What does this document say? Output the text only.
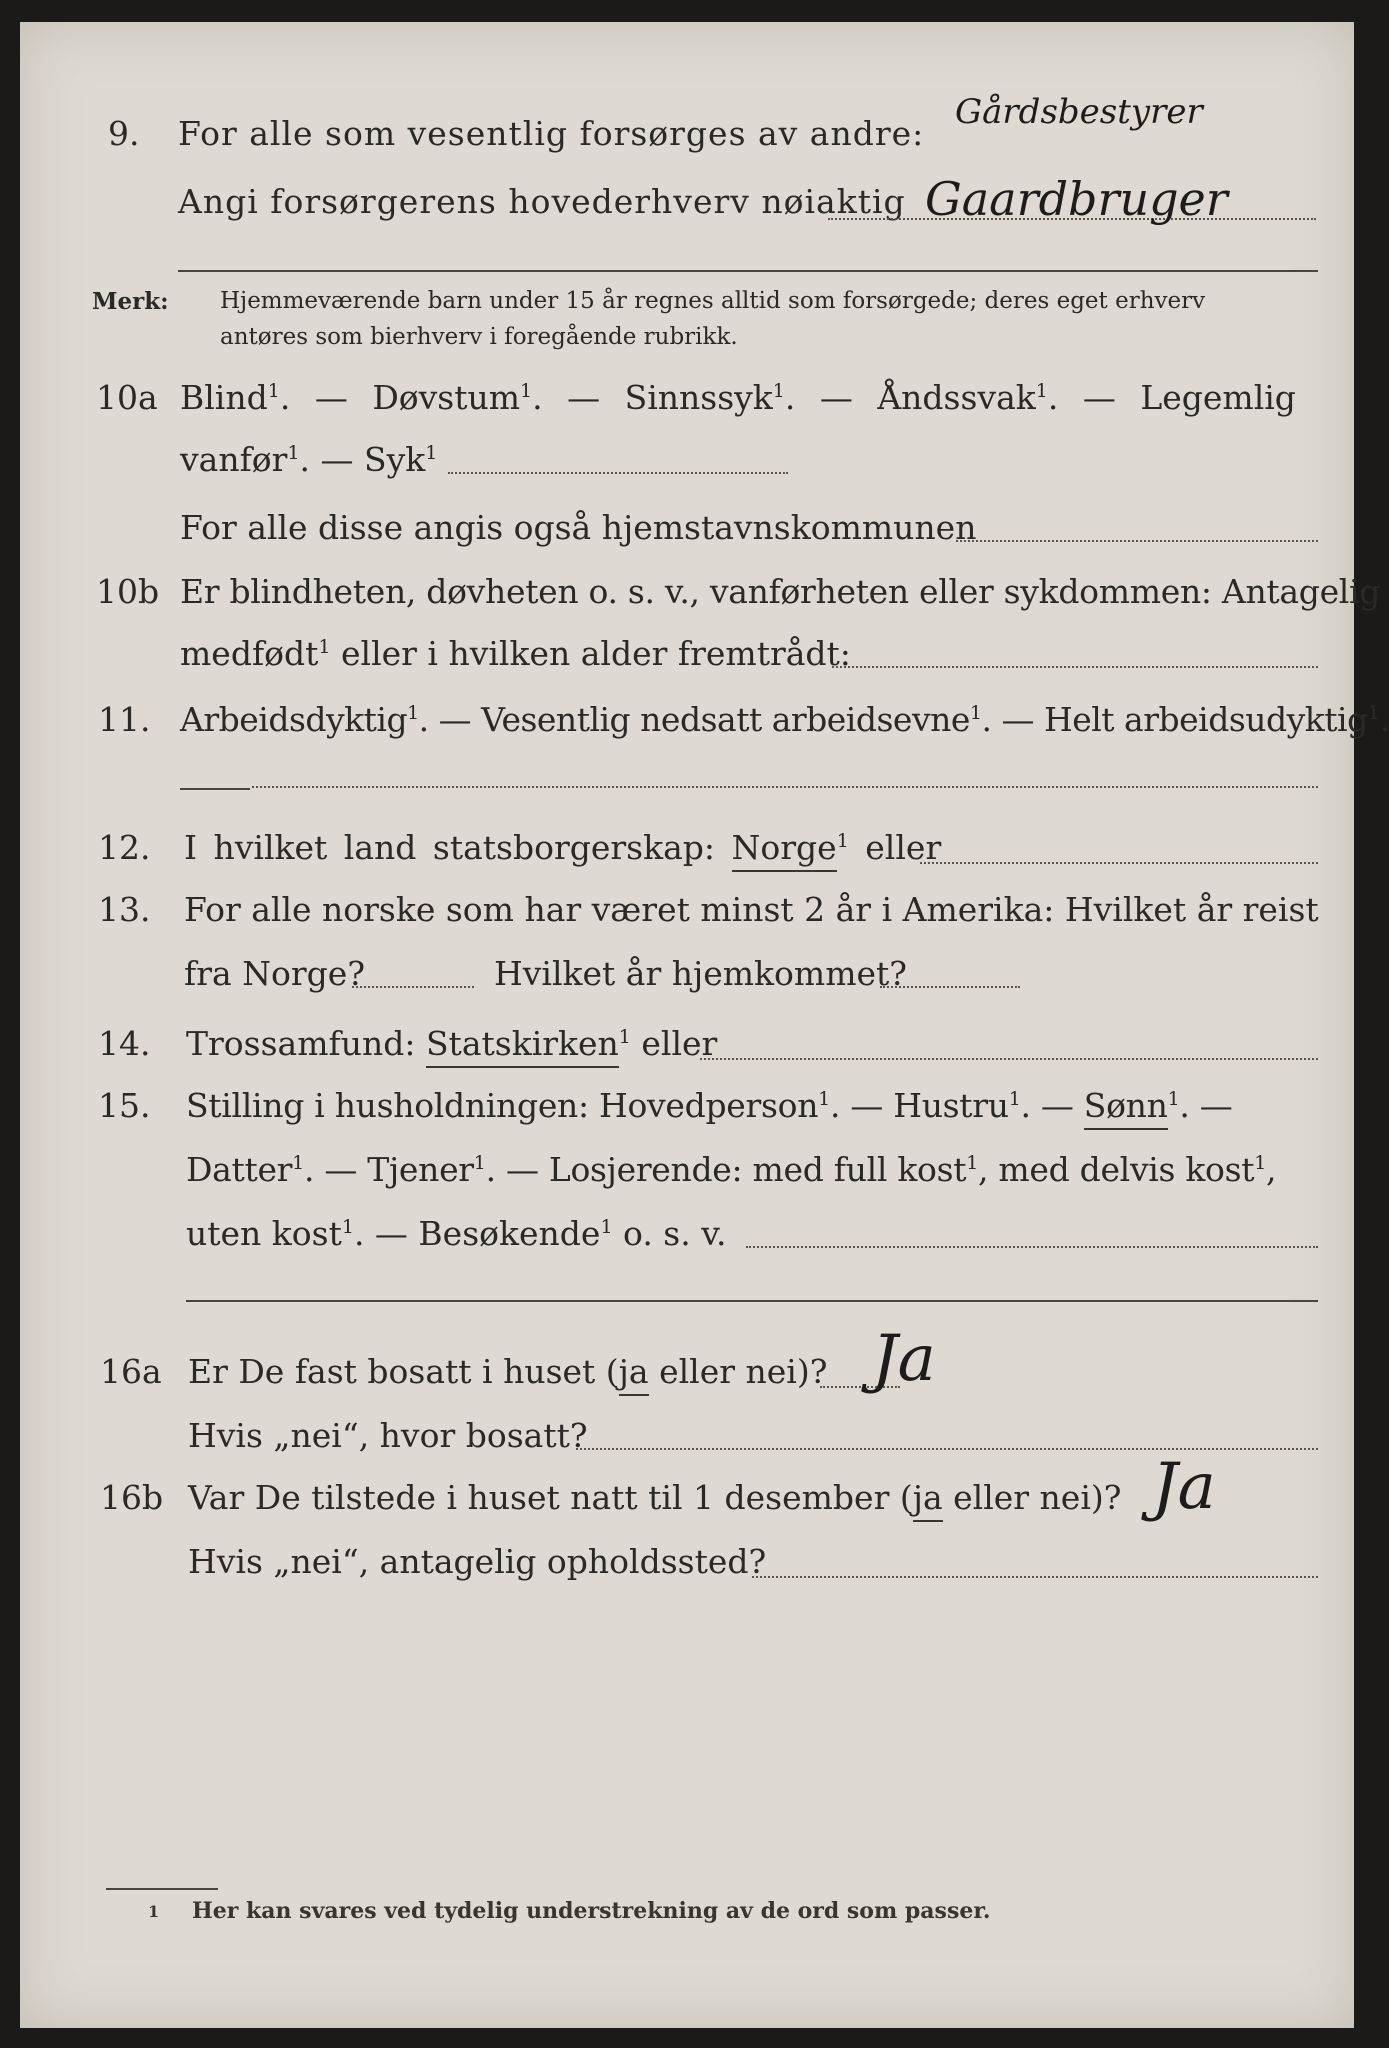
9. For alle som vesentlig forsørges av andre:
Gårdsbestyrer
Angi forsørgerens hovederhverv nøiaktig Gaardbruger
Merk: Hjemmeværende barn under 15 år regnes alltid som forsørgede; deres eget erhverv
antøres som bierhverv i foregående rubrikk.
10a Blind$^1$. — Døvstum$^1$. — Sinnssyk$^1$. — Åndssvak$^1$. — Legemlig
vanfør$^1$. — Syk$^1$
For alle disse angis også hjemstavnskommunen
10b Er blindheten, døvheten o. s. v., vanførheten eller sykdommen: Antagelig
medfødt$^1$ eller i hvilken alder fremtrådt:
11. Arbeidsdyktig$^1$. — Vesentlig nedsatt arbeidsevne$^1$. — Helt arbeidsudyktig$^1$.
12. I hvilket land statsborgerskap: Norge$^1$ eller
13. For alle norske som har været minst 2 år i Amerika: Hvilket år reist
fra Norge?	Hvilket år hjemkommet?
14. Trossamfund: Statskirken$^1$ eller
15. Stilling i husholdningen: Hovedperson$^1$. — Hustru$^1$. — Sønn$^1$. —
Datter$^1$. — Tjener$^1$. — Losjerende: med full kost$^1$, med delvis kost$^1$,
uten kost$^1$. — Besøkende$^1$ o. s. v.
16a Er De fast bosatt i huset (ja eller nei)? Ja
Hvis „nei“, hvor bosatt?
16b Var De tilstede i huset natt til 1 desember (ja eller nei)? Ja
Hvis „nei“, antagelig opholdssted?
1 Her kan svares ved tydelig understrekning av de ord som passer.
